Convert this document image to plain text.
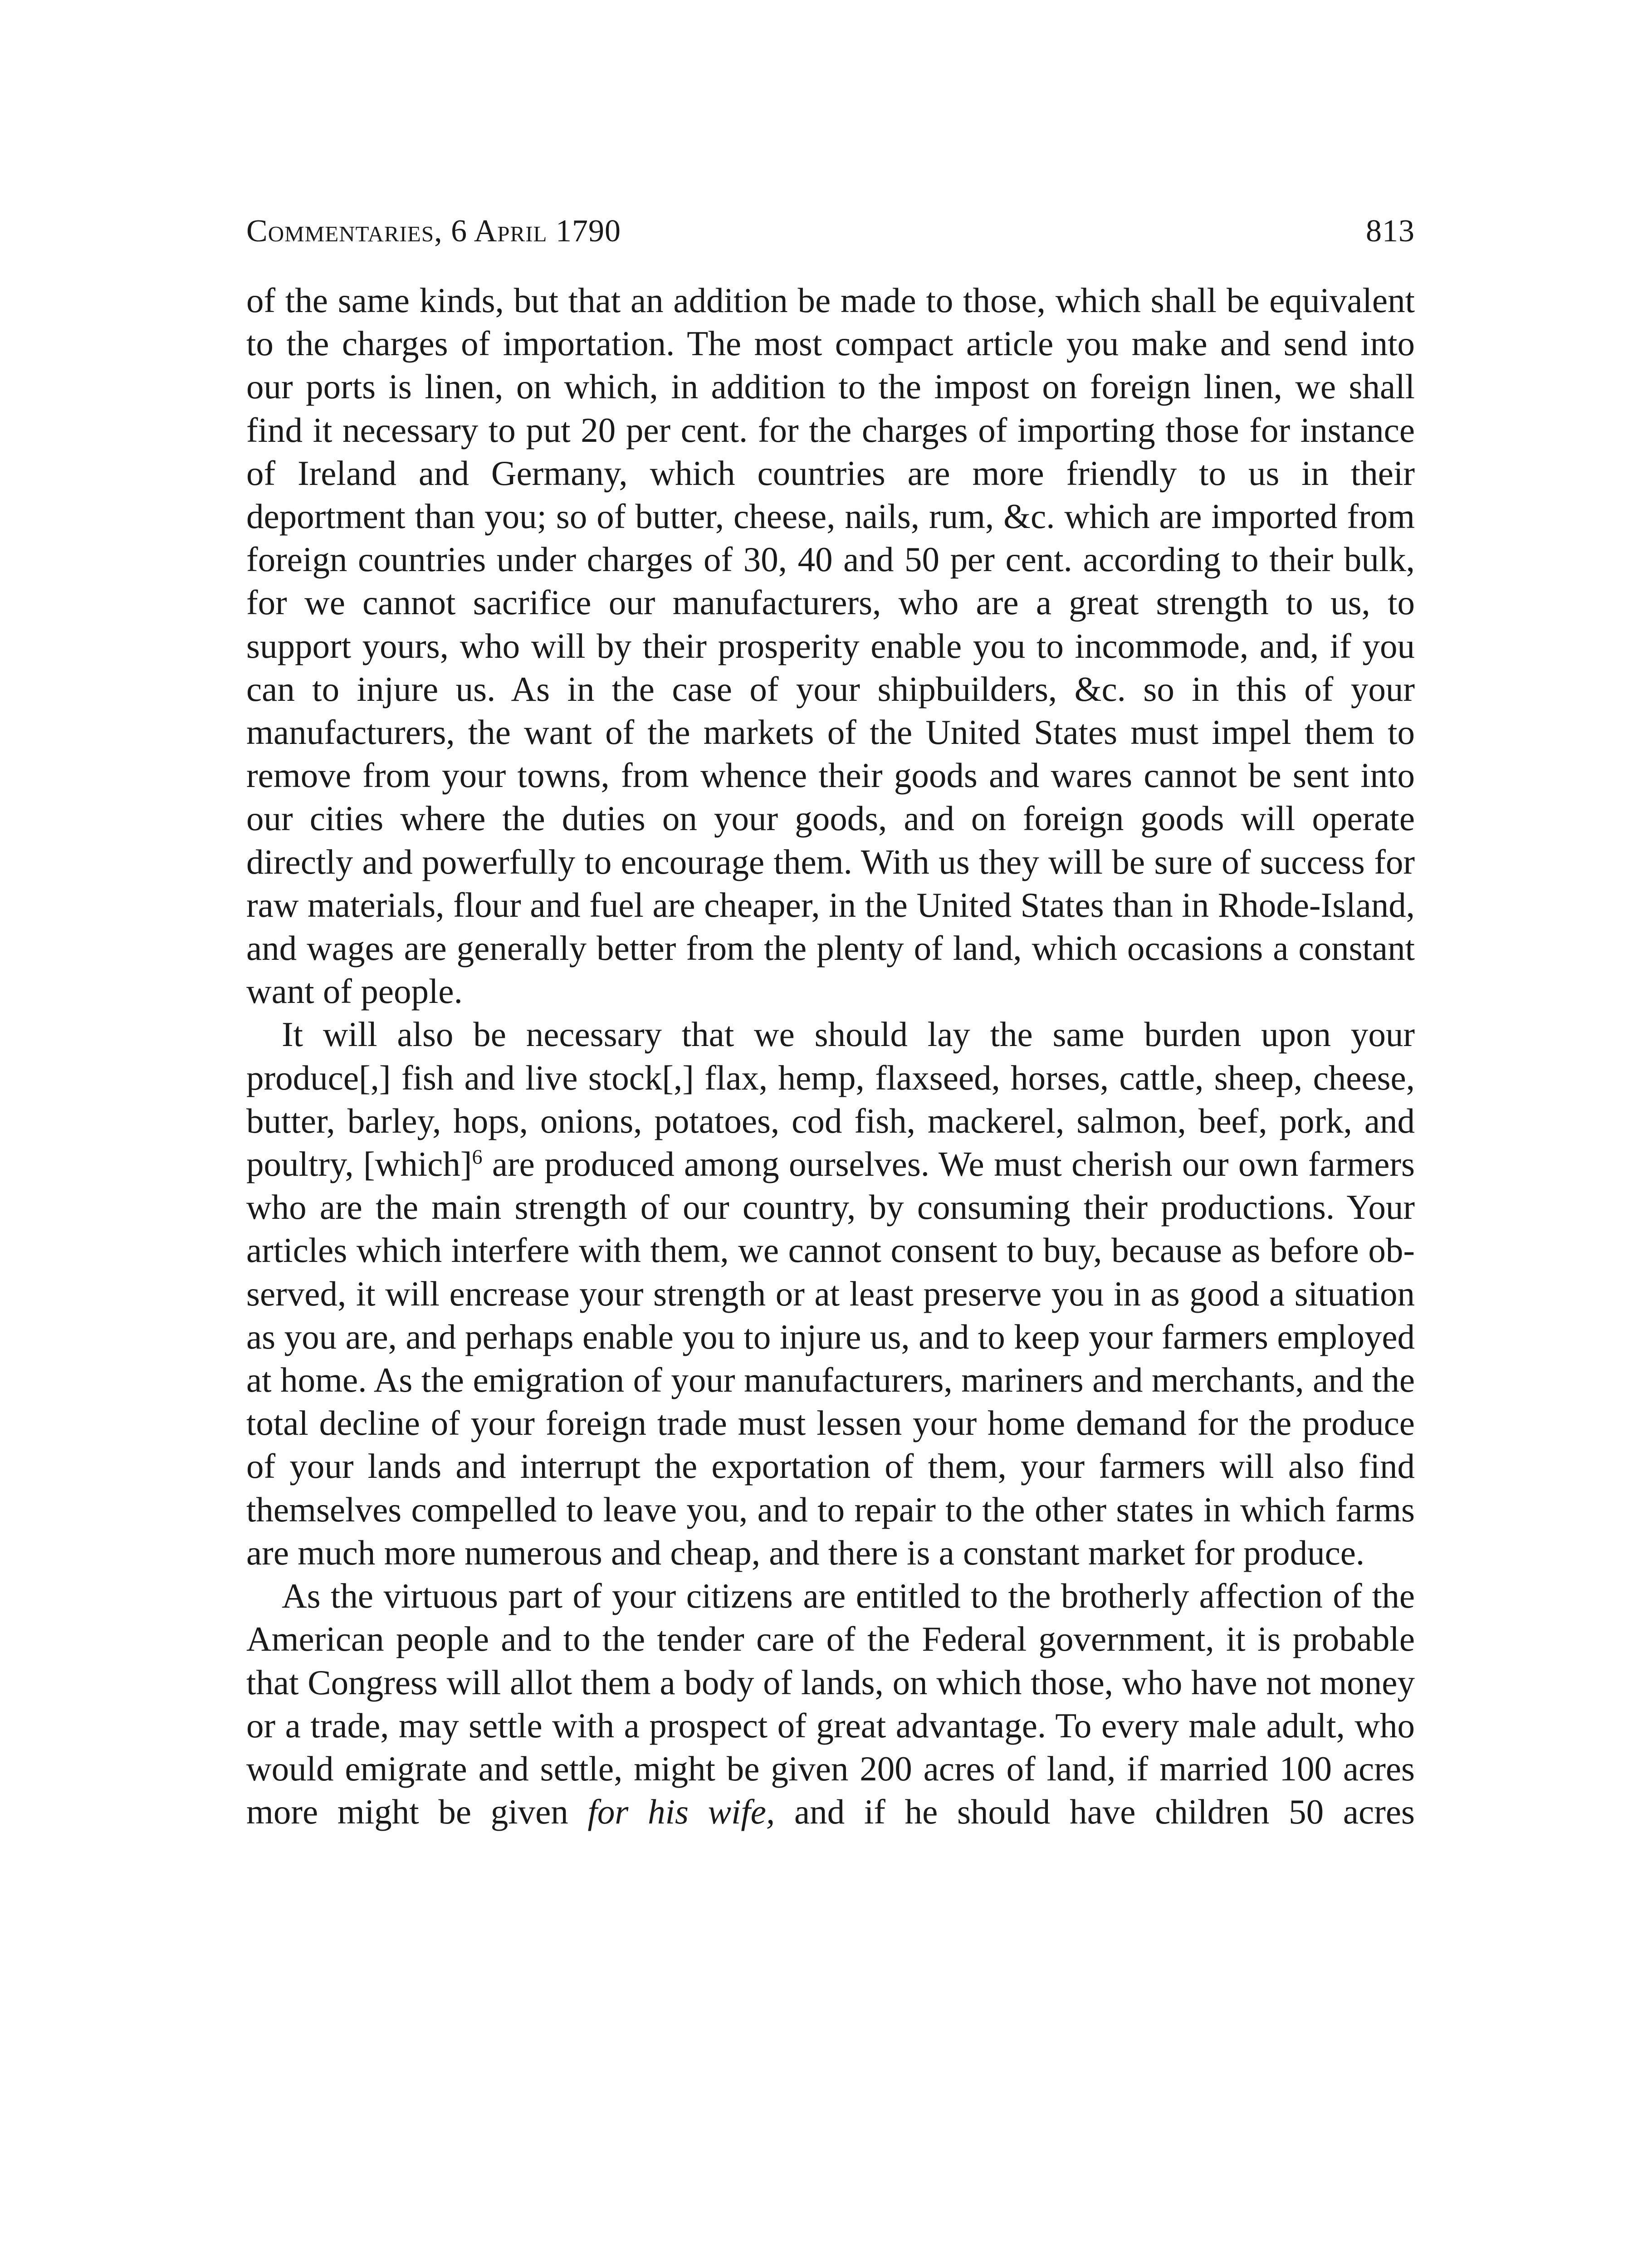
Commentaries, 6 April 1790	813

of the same kinds, but that an addition be made to those, which shall be equivalent to the charges of importation. The most compact article you make and send into our ports is linen, on which, in addition to the impost on foreign linen, we shall find it necessary to put 20 per cent. for the charges of importing those for instance of Ireland and Germany, which countries are more friendly to us in their deportment than you; so of butter, cheese, nails, rum, &c. which are imported from foreign countries under charges of 30, 40 and 50 per cent. according to their bulk, for we cannot sacrifice our manufacturers, who are a great strength to us, to support yours, who will by their prosperity enable you to incommode, and, if you can to injure us. As in the case of your shipbuilders, &c. so in this of your manufacturers, the want of the markets of the United States must impel them to remove from your towns, from whence their goods and wares cannot be sent into our cities where the duties on your goods, and on foreign goods will operate directly and powerfully to encourage them. With us they will be sure of success for raw materials, flour and fuel are cheaper, in the United States than in Rhode-Island, and wages are generally better from the plenty of land, which occasions a constant want of people.

It will also be necessary that we should lay the same burden upon your produce[,] fish and live stock[,] flax, hemp, flaxseed, horses, cattle, sheep, cheese, butter, barley, hops, onions, potatoes, cod fish, mackerel, salmon, beef, pork, and poultry, [which]$^6$ are produced among ourselves. We must cherish our own farmers who are the main strength of our country, by consuming their productions. Your articles which interfere with them, we cannot consent to buy, because as before observed, it will encrease your strength or at least preserve you in as good a situation as you are, and perhaps enable you to injure us, and to keep your farmers employed at home. As the emigration of your manufacturers, mariners and merchants, and the total decline of your foreign trade must lessen your home demand for the produce of your lands and interrupt the exportation of them, your farmers will also find themselves compelled to leave you, and to repair to the other states in which farms are much more numerous and cheap, and there is a constant market for produce.

As the virtuous part of your citizens are entitled to the brotherly affection of the American people and to the tender care of the Federal government, it is probable that Congress will allot them a body of lands, on which those, who have not money or a trade, may settle with a prospect of great advantage. To every male adult, who would emigrate and settle, might be given 200 acres of land, if married 100 acres more might be given for his wife, and if he should have children 50 acres
